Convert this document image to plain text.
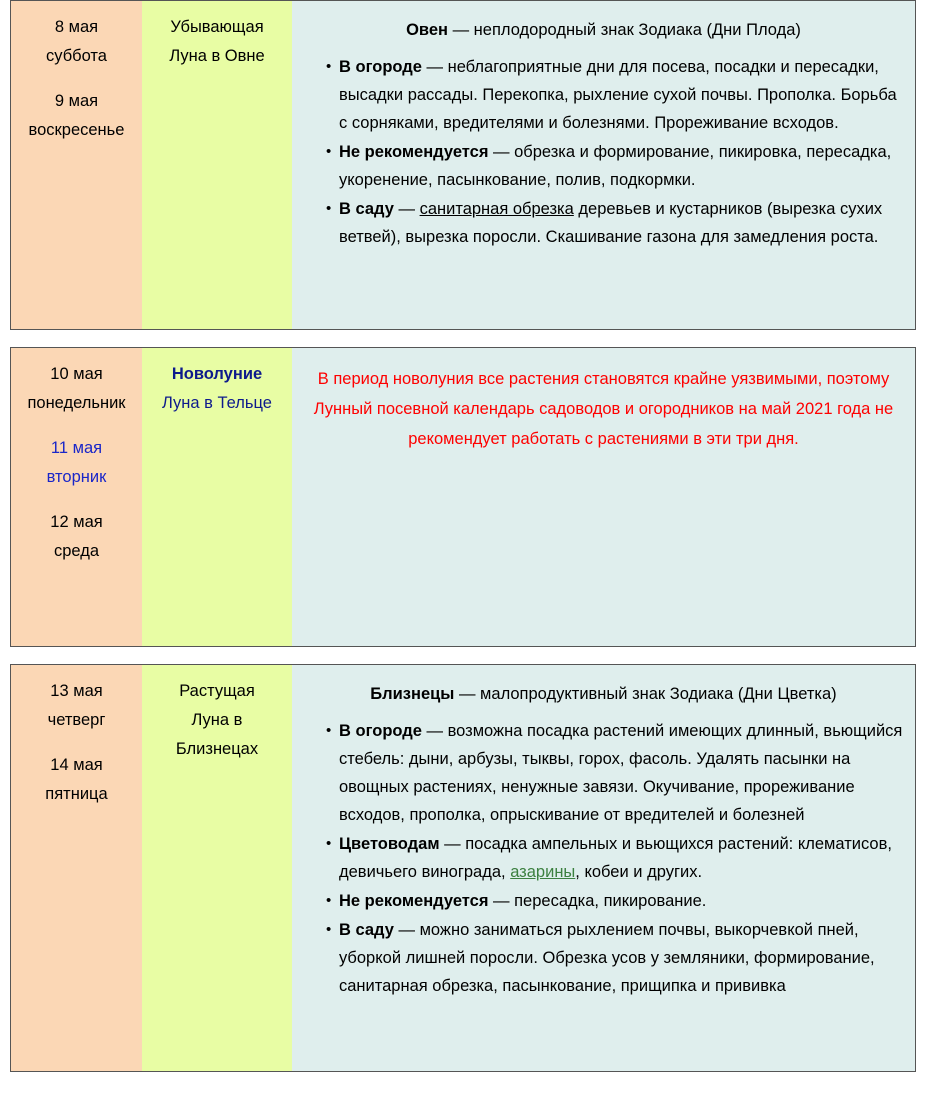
8 мая
суббота
9 мая
воскресенье
Убывающая
Луна в Овне
Овен — неплодородный знак Зодиака (Дни Плода)
• В огороде — неблагоприятные дни для посева, посадки и пересадки, высадки рассады. Перекопка, рыхление сухой почвы. Прополка. Борьба с сорняками, вредителями и болезнями. Прореживание всходов.
• Не рекомендуется — обрезка и формирование, пикировка, пересадка, укоренение, пасынкование, полив, подкормки.
• В саду — санитарная обрезка деревьев и кустарников (вырезка сухих ветвей), вырезка поросли. Скашивание газона для замедления роста.
10 мая
понедельник
11 мая
вторник
12 мая
среда
Новолуние
Луна в Тельце
В период новолуния все растения становятся крайне уязвимыми, поэтому Лунный посевной календарь садоводов и огородников на май 2021 года не рекомендует работать с растениями в эти три дня.
13 мая
четверг
14 мая
пятница
Растущая
Луна в
Близнецах
Близнецы — малопродуктивный знак Зодиака (Дни Цветка)
• В огороде — возможна посадка растений имеющих длинный, вьющийся стебель: дыни, арбузы, тыквы, горох, фасоль. Удалять пасынки на овощных растениях, ненужные завязи. Окучивание, прореживание всходов, прополка, опрыскивание от вредителей и болезней
• Цветоводам — посадка ампельных и вьющихся растений: клематисов, девичьего винограда, азарины, кобеи и других.
• Не рекомендуется — пересадка, пикирование.
• В саду — можно заниматься рыхлением почвы, выкорчевкой пней, уборкой лишней поросли. Обрезка усов у земляники, формирование, санитарная обрезка, пасынкование, прищипка и прививка
